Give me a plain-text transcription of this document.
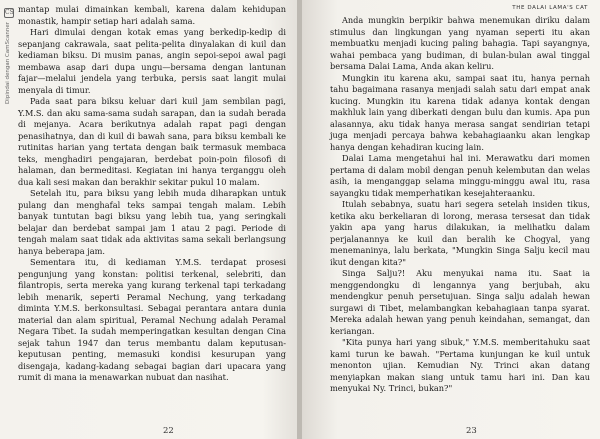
CS
Dipindai dengan CamScanner

mantap mulai dimainkan kembali, karena dalam kehidupan monastik, hampir setiap hari adalah sama.

Hari dimulai dengan kotak emas yang berkedip-kedip di sepanjang cakrawala, saat pelita-pelita dinyalakan di kuil dan kediaman biksu. Di musim panas, angin sepoi-sepoi awal pagi membawa asap dari dupa ungu—bersama dengan lantunan fajar—melalui jendela yang terbuka, persis saat langit mulai menyala di timur.

Pada saat para biksu keluar dari kuil jam sembilan pagi, Y.M.S. dan aku sama-sama sudah sarapan, dan ia sudah berada di mejanya. Acara berikutnya adalah rapat pagi dengan penasihatnya, dan di kuil di bawah sana, para biksu kembali ke rutinitas harian yang tertata dengan baik termasuk membaca teks, menghadiri pengajaran, berdebat poin-poin filosofi di halaman, dan bermeditasi. Kegiatan ini hanya terganggu oleh dua kali sesi makan dan berakhir sekitar pukul 10 malam.

Setelah itu, para biksu yang lebih muda diharapkan untuk pulang dan menghafal teks sampai tengah malam. Lebih banyak tuntutan bagi biksu yang lebih tua, yang seringkali belajar dan berdebat sampai jam 1 atau 2 pagi. Periode di tengah malam saat tidak ada aktivitas sama sekali berlangsung hanya beberapa jam.

Sementara itu, di kediaman Y.M.S. terdapat prosesi pengunjung yang konstan: politisi terkenal, selebriti, dan filantropis, serta mereka yang kurang terkenal tapi terkadang lebih menarik, seperti Peramal Nechung, yang terkadang diminta Y.M.S. berkonsultasi. Sebagai perantara antara dunia material dan alam spiritual, Peramal Nechung adalah Peramal Negara Tibet. Ia sudah memperingatkan kesultan dengan Cina sejak tahun 1947 dan terus membantu dalam keputusan-keputusan penting, memasuki kondisi kesurupan yang disengaja, kadang-kadang sebagai bagian dari upacara yang rumit di mana ia menawarkan nubuat dan nasihat.

22
THE DALAI LAMA'S CAT

Anda mungkin berpikir bahwa menemukan diriku dalam stimulus dan lingkungan yang nyaman seperti itu akan membuatku menjadi kucing paling bahagia. Tapi sayangnya, wahai pembaca yang budiman, di bulan-bulan awal tinggal bersama Dalai Lama, Anda akan keliru.

Mungkin itu karena aku, sampai saat itu, hanya pernah tahu bagaimana rasanya menjadi salah satu dari empat anak kucing. Mungkin itu karena tidak adanya kontak dengan makhluk lain yang diberkati dengan bulu dan kumis. Apa pun alasannya, aku tidak hanya merasa sangat sendirian tetapi juga menjadi percaya bahwa kebahagiaanku akan lengkap hanya dengan kehadiran kucing lain.

Dalai Lama mengetahui hal ini. Merawatku dari momen pertama di dalam mobil dengan penuh kelembutan dan welas asih, ia menganggap selama minggu-minggu awal itu, rasa sayangku tidak memperhatikan kesejahteraanku.

Itulah sebabnya, suatu hari segera setelah insiden tikus, ketika aku berkeliaran di lorong, merasa tersesat dan tidak yakin apa yang harus dilakukan, ia melihatku dalam perjalanannya ke kuil dan beralih ke Chogyal, yang menemaninya, lalu berkata, "Mungkin Singa Salju kecil mau ikut dengan kita?"

Singa Salju?! Aku menyukai nama itu. Saat ia menggendongku di lengannya yang berjubah, aku mendengkur penuh persetujuan. Singa salju adalah hewan surgawi di Tibet, melambangkan kebahagiaan tanpa syarat. Mereka adalah hewan yang penuh keindahan, semangat, dan keriangan.

"Kita punya hari yang sibuk," Y.M.S. memberitahuku saat kami turun ke bawah. "Pertama kunjungan ke kuil untuk menonton ujian. Kemudian Ny. Trinci akan datang menyiapkan makan siang untuk tamu hari ini. Dan kau menyukai Ny. Trinci, bukan?"

23
